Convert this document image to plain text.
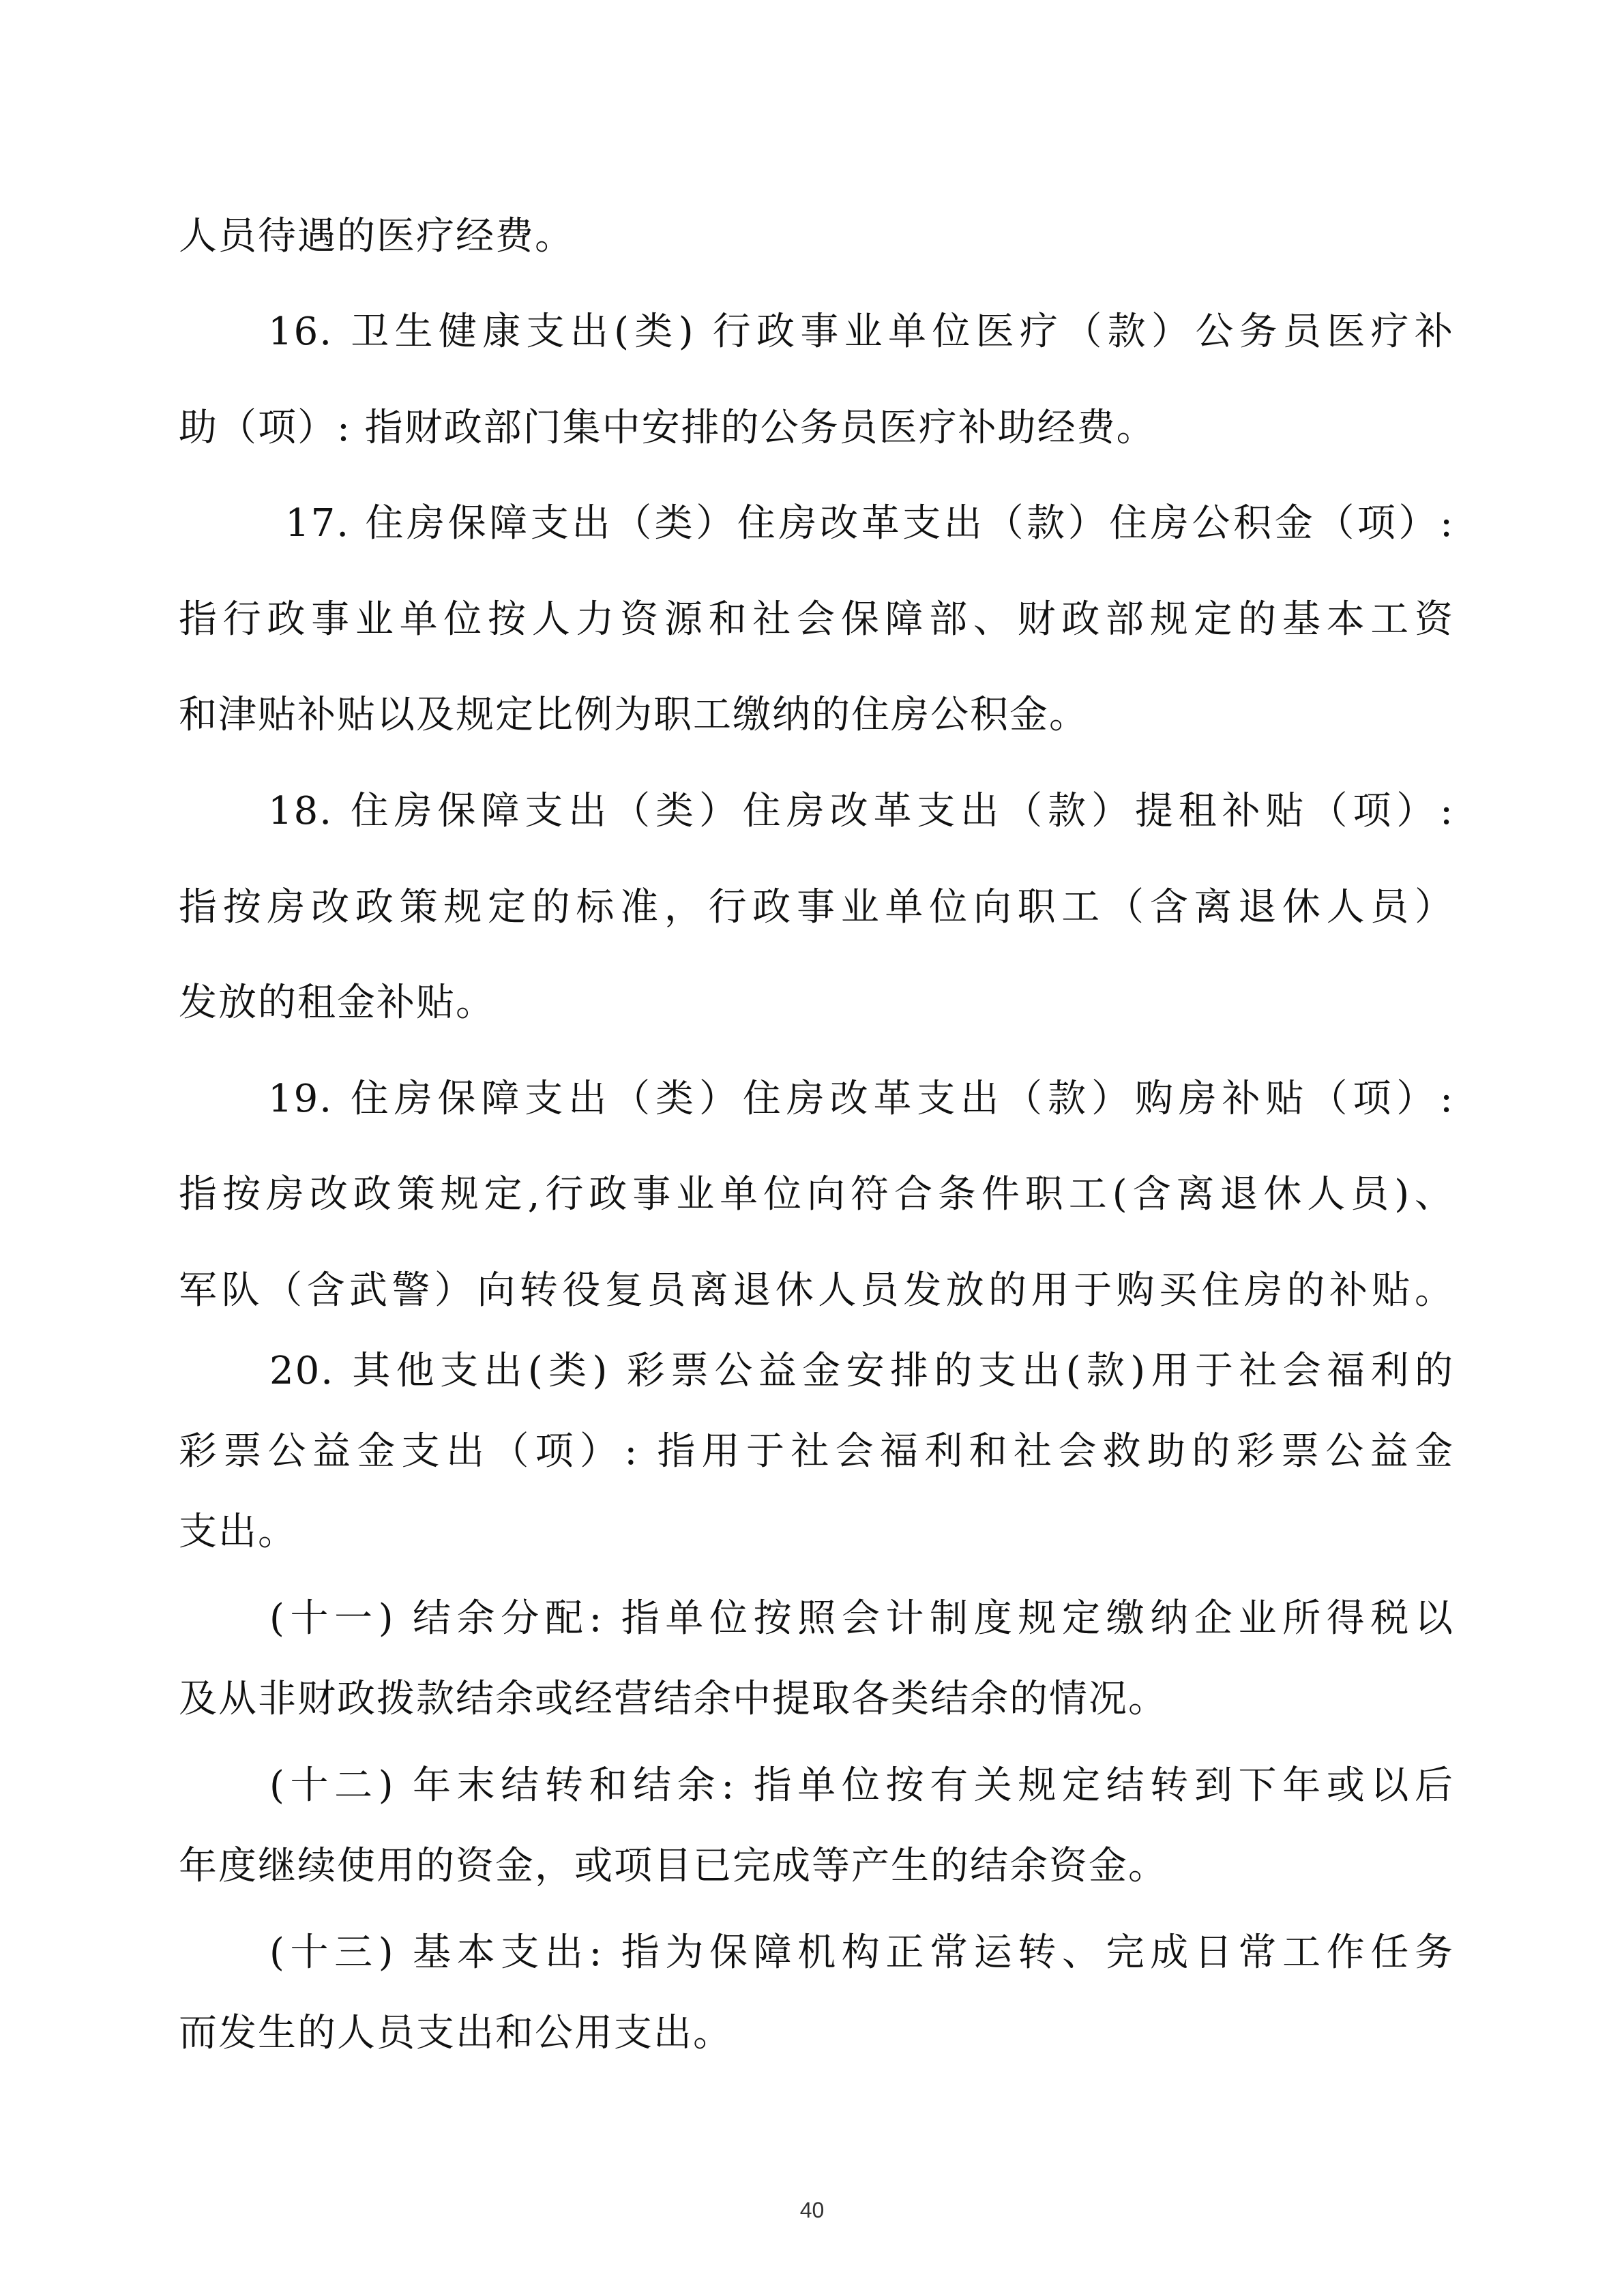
人员待遇的医疗经费。
16. 卫生健康支出(类) 行政事业单位医疗（款）公务员医疗补
助（项）: 指财政部门集中安排的公务员医疗补助经费。
17. 住房保障支出（类）住房改革支出（款）住房公积金（项）:
指行政事业单位按人力资源和社会保障部、财政部规定的基本工资
和津贴补贴以及规定比例为职工缴纳的住房公积金。
18. 住房保障支出（类）住房改革支出（款）提租补贴（项）:
指按房改政策规定的标准，行政事业单位向职工（含离退休人员）
发放的租金补贴。
19. 住房保障支出（类）住房改革支出（款）购房补贴（项）:
指按房改政策规定,行政事业单位向符合条件职工(含离退休人员)、
军队（含武警）向转役复员离退休人员发放的用于购买住房的补贴。
20. 其他支出(类) 彩票公益金安排的支出(款)用于社会福利的
彩票公益金支出（项）: 指用于社会福利和社会救助的彩票公益金
支出。
(十一) 结余分配: 指单位按照会计制度规定缴纳企业所得税以
及从非财政拨款结余或经营结余中提取各类结余的情况。
(十二) 年末结转和结余: 指单位按有关规定结转到下年或以后
年度继续使用的资金，或项目已完成等产生的结余资金。
(十三) 基本支出: 指为保障机构正常运转、完成日常工作任务
而发生的人员支出和公用支出。
40
